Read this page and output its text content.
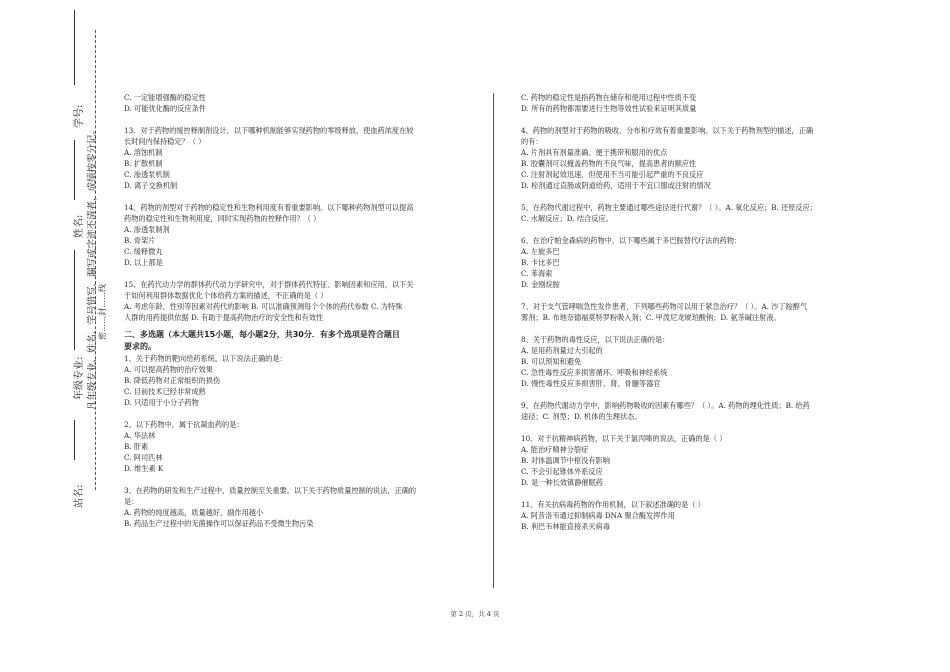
学号:
姓名:
年级专业:
站名:
凡年级专业、姓名、学号错写、漏写或字迹不清者，成绩按零分记。 密……封……线
C. 一定能增强酶的稳定性
D. 可能优化酶的反应条件
13、对于药物的缓控释制剂设计，以下哪种机制能够实现药物的零级释放，使血药浓度在较
长时间内保持稳定？（ ）
A. 溶蚀机制
B. 扩散机制
C. 渗透泵机制
D. 离子交换机制
14、药物的剂型对于药物的稳定性和生物利用度有着重要影响。以下哪种药物剂型可以提高
药物的稳定性和生物利用度，同时实现药物的控释作用？（ ）
A. 渗透泵制剂
B. 骨架片
C. 缓释微丸
D. 以上都是
15、在药代动力学的群体药代动力学研究中，对于群体药代特征、影响因素和应用，以下关
于如何利用群体数据优化个体给药方案的描述，不正确的是（ ）
A. 考虑年龄、性别等因素对药代的影响 B. 可以准确预测每个个体的药代参数 C. 为特殊
人群的用药提供依据 D. 有助于提高药物治疗的安全性和有效性
二、多选题（本大题共15小题，每小题2分，共30分．有多个选项是符合题目
要求的。
1、关于药物的靶向给药系统，以下说法正确的是：
A. 可以提高药物的治疗效果
B. 降低药物对正常组织的损伤
C. 目前技术已经非常成熟
D. 只适用于小分子药物
2、以下药物中，属于抗凝血药的是：
A. 华法林
B. 肝素
C. 阿司匹林
D. 维生素 K
3、在药物的研发和生产过程中，质量控制至关重要。以下关于药物质量控制的说法，正确的
是：
A. 药物的纯度越高，质量越好，副作用越小
B. 药品生产过程中的无菌操作可以保证药品不受微生物污染
C. 药物的稳定性是指药物在储存和使用过程中性质不变
D. 所有的药物都需要进行生物等效性试验来证明其质量
4、药物的剂型对于药物的吸收、分布和疗效有着重要影响。以下关于药物剂型的描述，正确
的有：
A. 片剂具有剂量准确、便于携带和服用的优点
B. 胶囊剂可以掩盖药物的不良气味，提高患者的顺应性
C. 注射剂起效迅速，但使用不当可能引起严重的不良反应
D. 栓剂通过直肠或阴道给药，适用于不宜口服或注射的情况
5、在药物代谢过程中，药物主要通过哪些途径进行代谢？（ ）。A. 氧化反应；B. 还原反应；
C. 水解反应；D. 结合反应。
6、在治疗帕金森病的药物中，以下哪些属于多巴胺替代疗法的药物：
A. 左旋多巴
B. 卡比多巴
C. 苯海索
D. 金刚烷胺
7、对于支气管哮喘急性发作患者，下列哪些药物可以用于紧急治疗？（ ）。A. 沙丁胺醇气
雾剂；B. 布地奈德福莫特罗粉吸入剂；C. 甲泼尼龙琥珀酸钠；D. 氨茶碱注射液。
8、关于药物的毒性反应，以下说法正确的是：
A. 是用药剂量过大引起的
B. 可以预知和避免
C. 急性毒性反应多损害循环、呼吸和神经系统
D. 慢性毒性反应多损害肝、肾、骨髓等器官
9、在药物代谢动力学中，影响药物吸收的因素有哪些？（ ）。A. 药物的理化性质；B. 给药
途径；C. 剂型；D. 机体的生理状态。
10、对于抗精神病药物，以下关于氯丙嗪的说法，正确的是（ ）
A. 能治疗精神分裂症
B. 对体温调节中枢没有影响
C. 不会引起锥体外系反应
D. 是一种长效镇静催眠药
11、有关抗病毒药物的作用机制，以下叙述准确的是（ ）
A. 阿昔洛韦通过抑制病毒 DNA 聚合酶发挥作用
B. 利巴韦林能直接杀灭病毒
第 2 页，共 4 页
